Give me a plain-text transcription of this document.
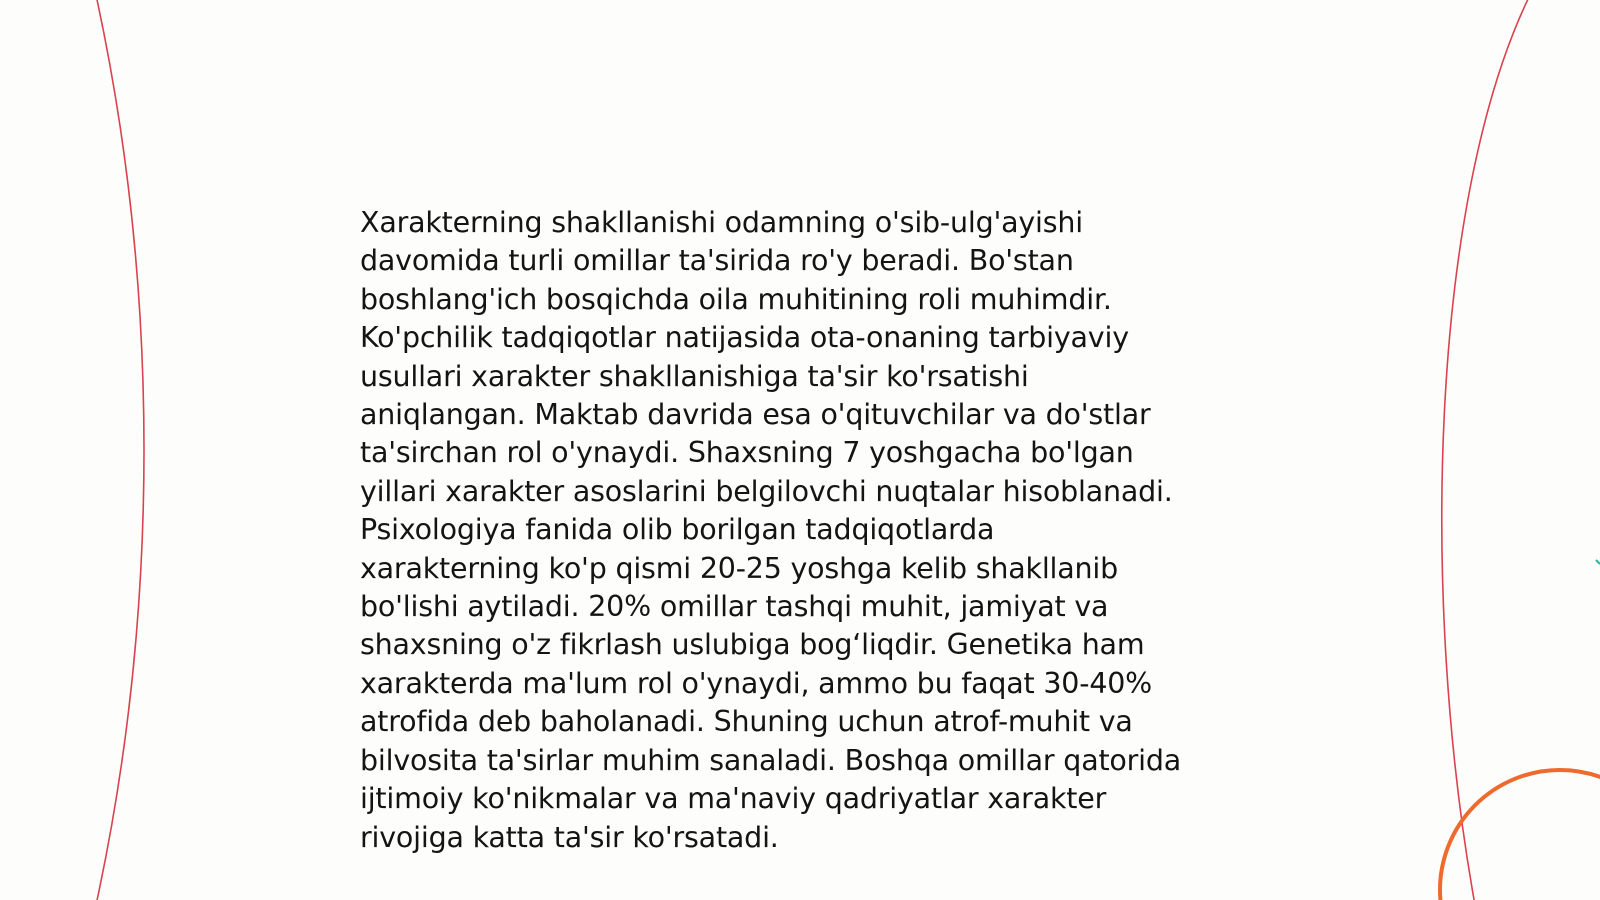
Xarakterning shakllanishi odamning o'sib-ulg'ayishi
davomida turli omillar ta'sirida ro'y beradi. Bo'stan
boshlang'ich bosqichda oila muhitining roli muhimdir.
Ko'pchilik tadqiqotlar natijasida ota-onaning tarbiyaviy
usullari xarakter shakllanishiga ta'sir ko'rsatishi
aniqlangan. Maktab davrida esa o'qituvchilar va do'stlar
ta'sirchan rol o'ynaydi. Shaxsning 7 yoshgacha bo'lgan
yillari xarakter asoslarini belgilovchi nuqtalar hisoblanadi.
Psixologiya fanida olib borilgan tadqiqotlarda
xarakterning ko'p qismi 20-25 yoshga kelib shakllanib
bo'lishi aytiladi. 20% omillar tashqi muhit, jamiyat va
shaxsning o'z fikrlash uslubiga bog‘liqdir. Genetika ham
xarakterda ma'lum rol o'ynaydi, ammo bu faqat 30-40%
atrofida deb baholanadi. Shuning uchun atrof-muhit va
bilvosita ta'sirlar muhim sanaladi. Boshqa omillar qatorida
ijtimoiy ko'nikmalar va ma'naviy qadriyatlar xarakter
rivojiga katta ta'sir ko'rsatadi.
